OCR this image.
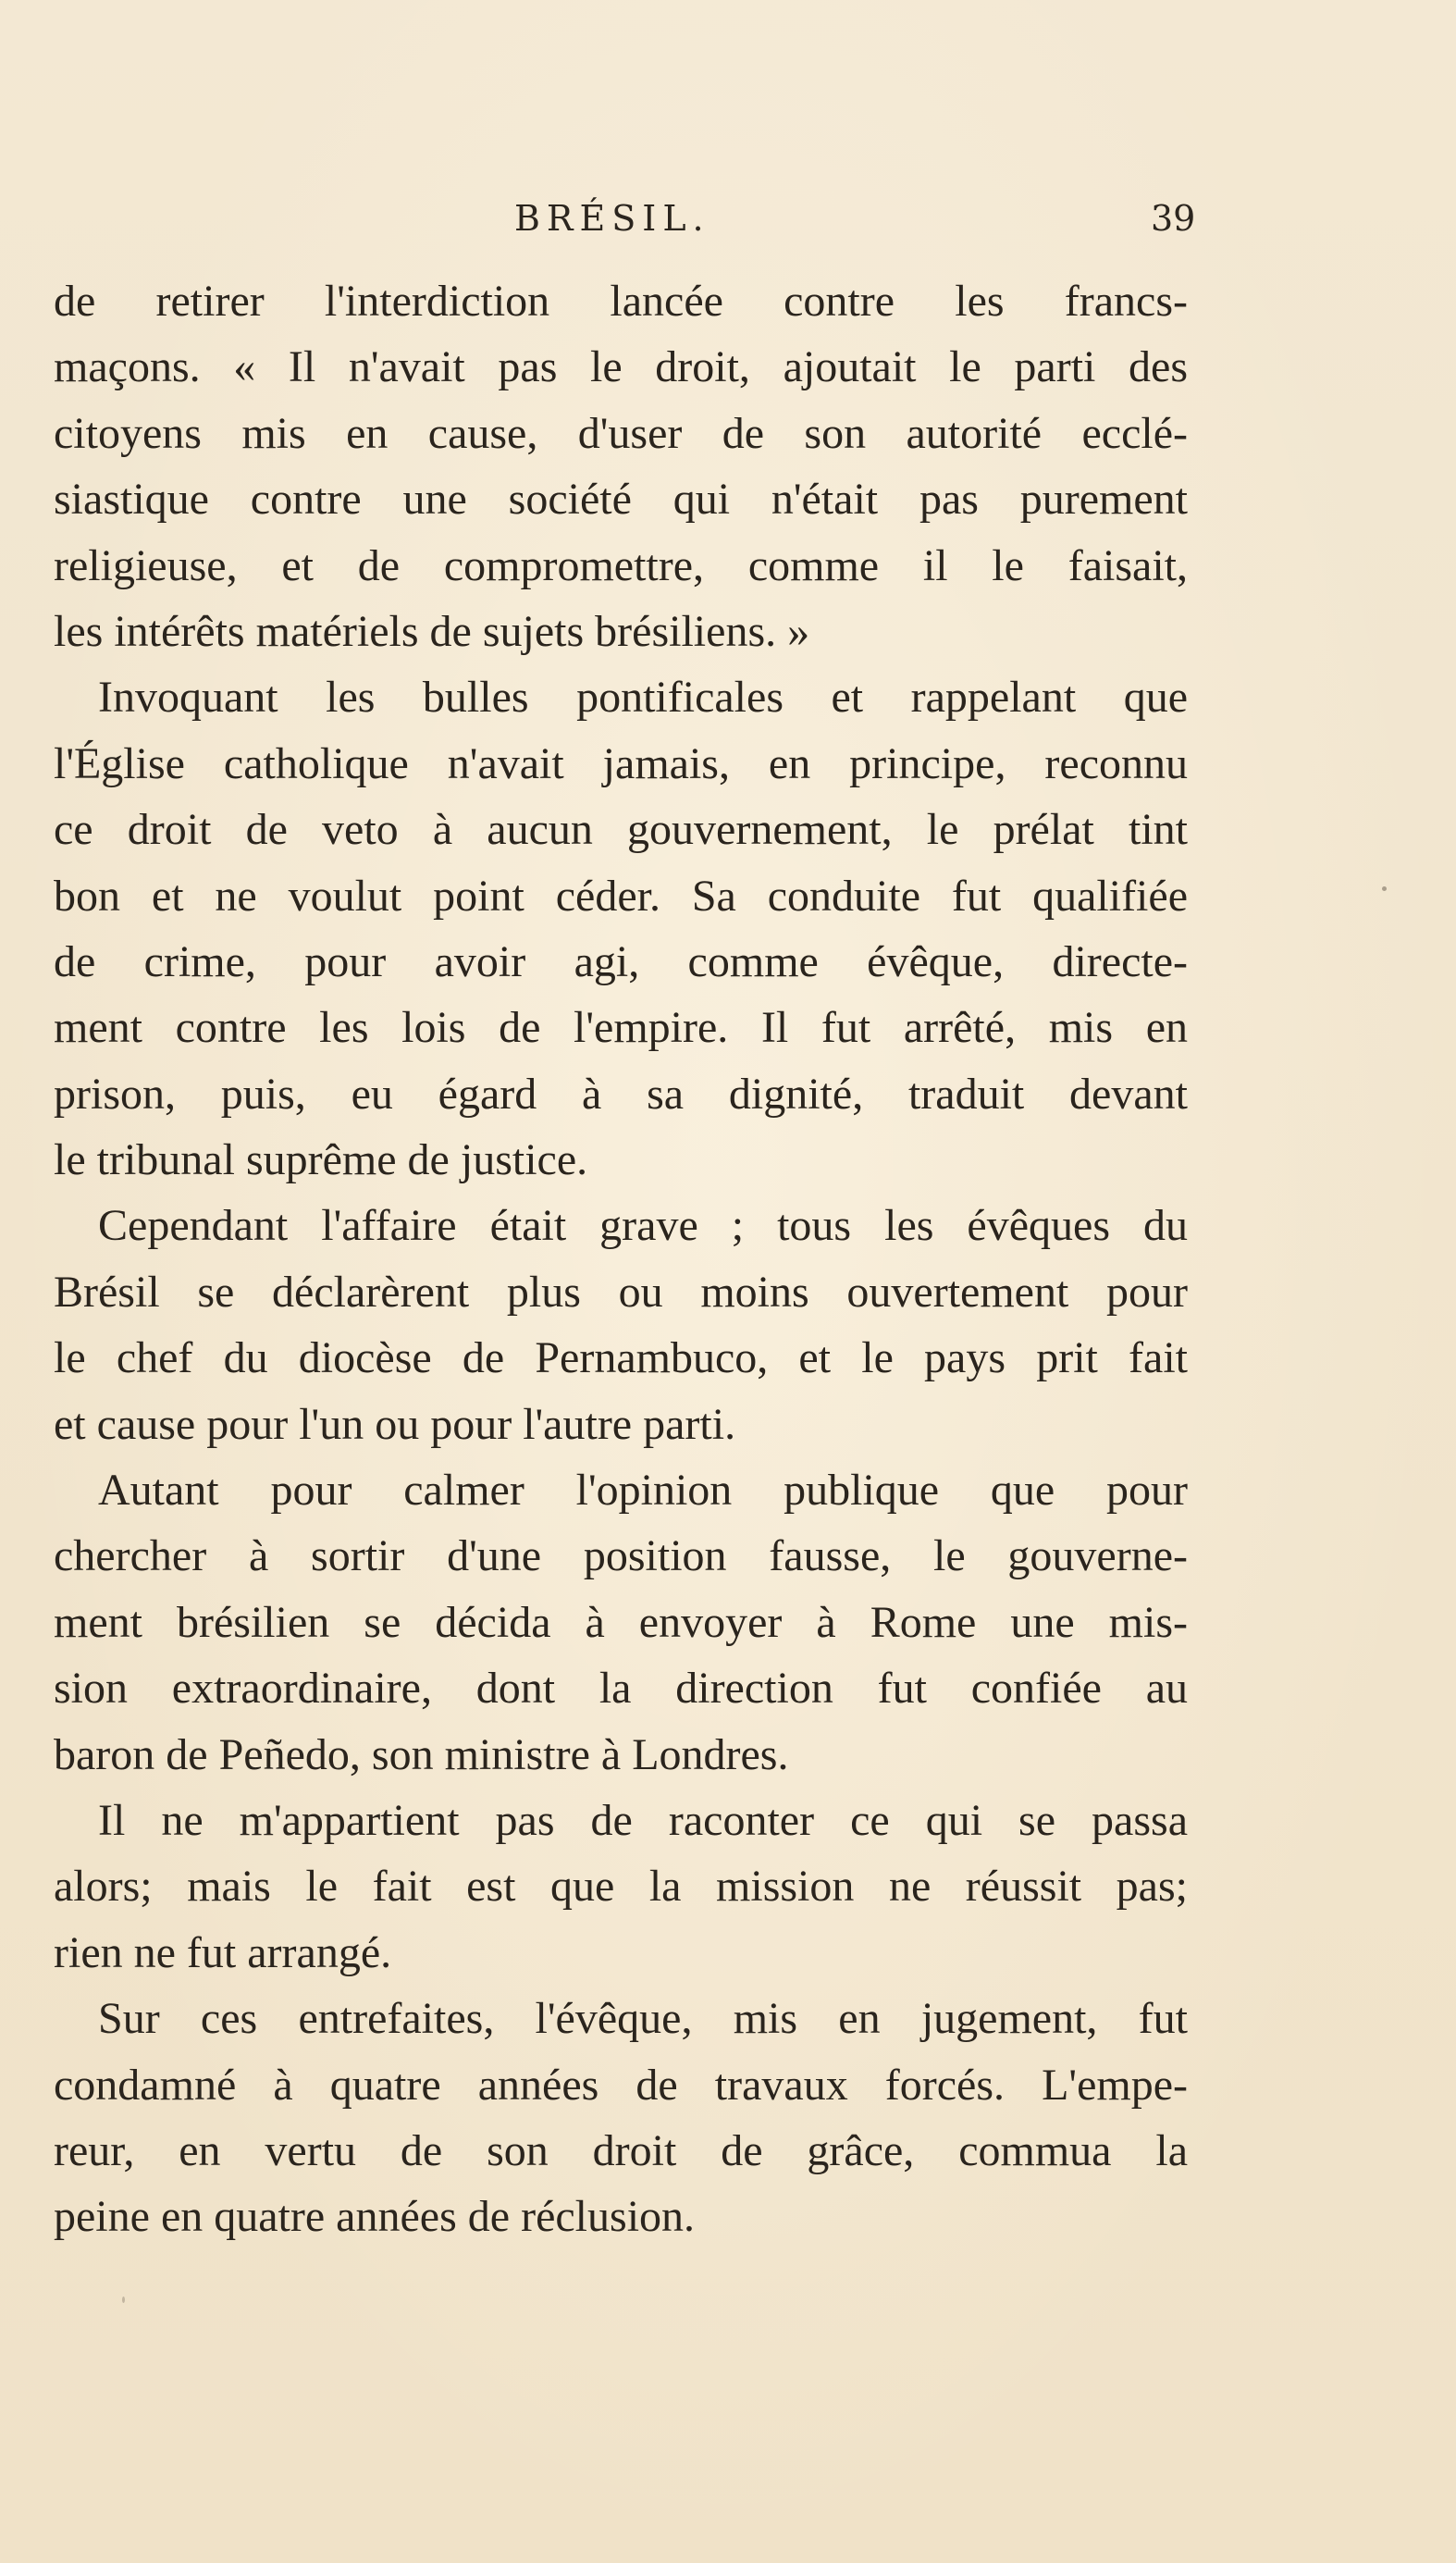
BRÉSIL.	39
de retirer l'interdiction lancée contre les francs-
maçons. « Il n'avait pas le droit, ajoutait le parti des
citoyens mis en cause, d'user de son autorité ecclé-
siastique contre une société qui n'était pas purement
religieuse, et de compromettre, comme il le faisait,
les intérêts matériels de sujets brésiliens. »
Invoquant les bulles pontificales et rappelant que
l'Église catholique n'avait jamais, en principe, reconnu
ce droit de veto à aucun gouvernement, le prélat tint
bon et ne voulut point céder. Sa conduite fut qualifiée
de crime, pour avoir agi, comme évêque, directe-
ment contre les lois de l'empire. Il fut arrêté, mis en
prison, puis, eu égard à sa dignité, traduit devant
le tribunal suprême de justice.
Cependant l'affaire était grave ; tous les évêques du
Brésil se déclarèrent plus ou moins ouvertement pour
le chef du diocèse de Pernambuco, et le pays prit fait
et cause pour l'un ou pour l'autre parti.
Autant pour calmer l'opinion publique que pour
chercher à sortir d'une position fausse, le gouverne-
ment brésilien se décida à envoyer à Rome une mis-
sion extraordinaire, dont la direction fut confiée au
baron de Peñedo, son ministre à Londres.
Il ne m'appartient pas de raconter ce qui se passa
alors; mais le fait est que la mission ne réussit pas;
rien ne fut arrangé.
Sur ces entrefaites, l'évêque, mis en jugement, fut
condamné à quatre années de travaux forcés. L'empe-
reur, en vertu de son droit de grâce, commua la
peine en quatre années de réclusion.
